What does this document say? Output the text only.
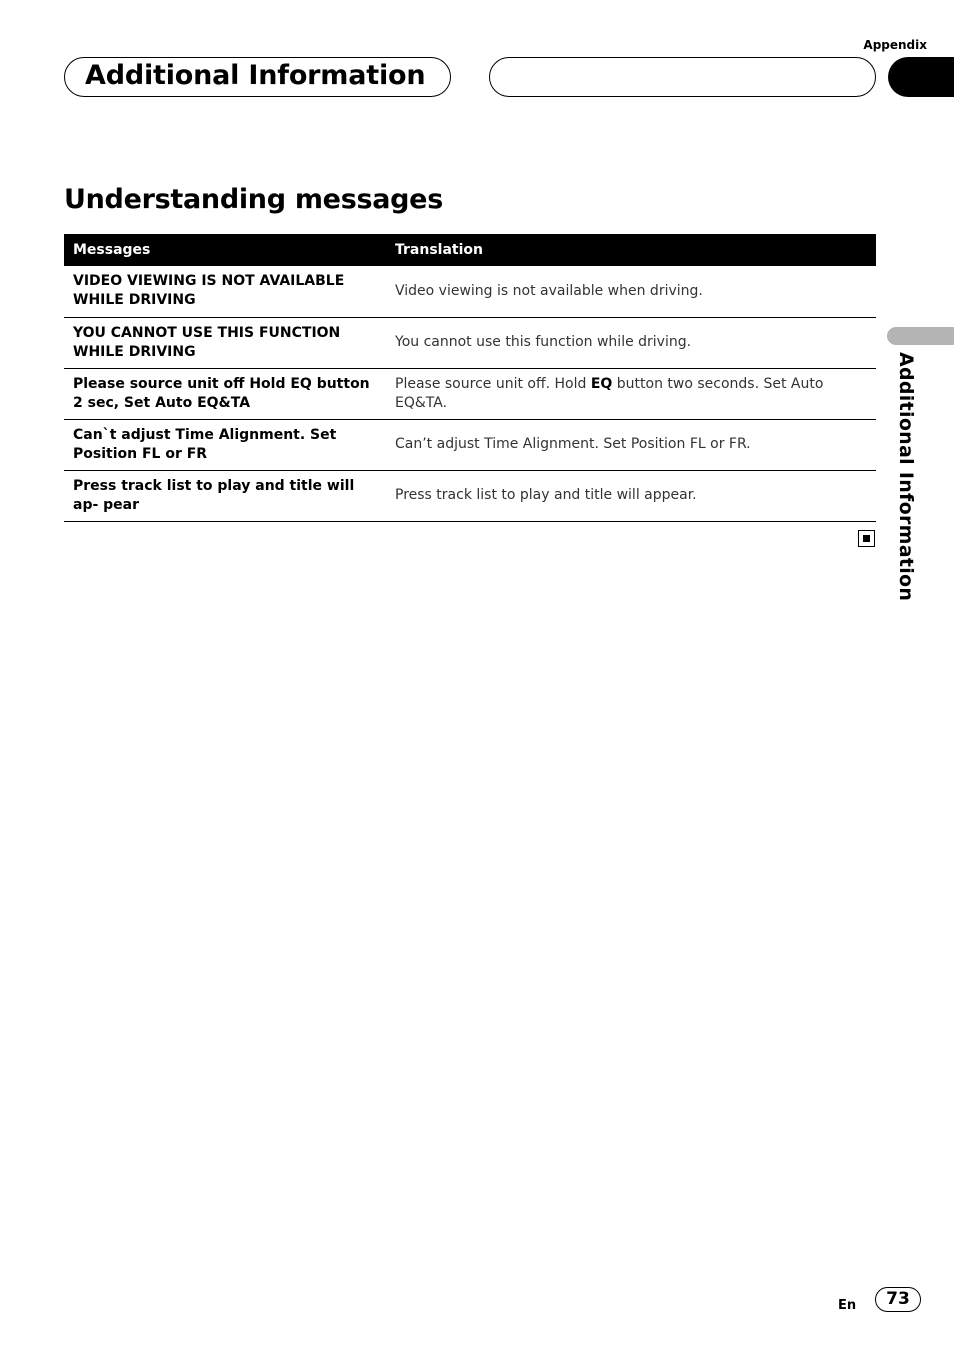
Appendix
Additional Information
Understanding messages
Messages	Translation
VIDEO VIEWING IS NOT AVAILABLE WHILE DRIVING	Video viewing is not available when driving.
YOU CANNOT USE THIS FUNCTION WHILE DRIVING	You cannot use this function while driving.
Please source unit off Hold EQ button 2 sec, Set Auto EQ&TA	Please source unit off. Hold EQ button two seconds. Set Auto EQ&TA.
Can`t adjust Time Alignment. Set Position FL or FR	Can’t adjust Time Alignment. Set Position FL or FR.
Press track list to play and title will ap- pear	Press track list to play and title will appear.	Additional Information
En	73
